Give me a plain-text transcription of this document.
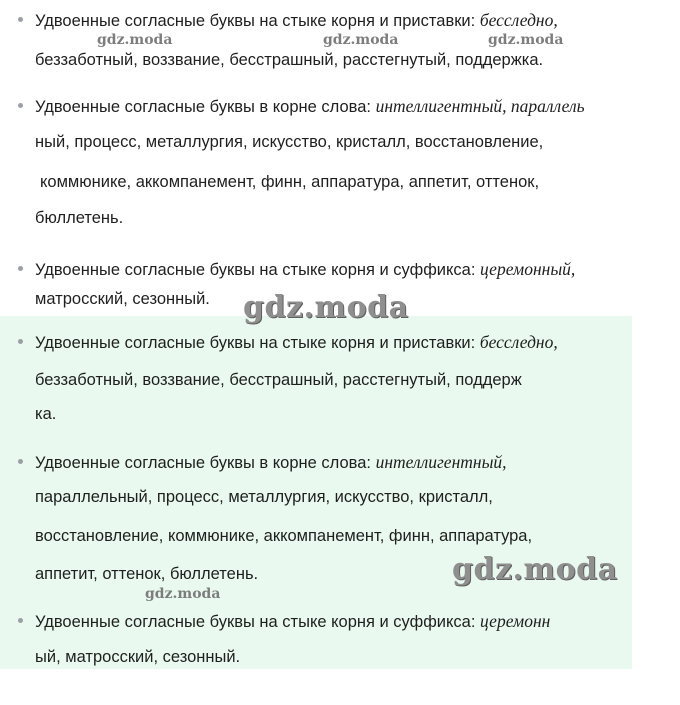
Удвоенные согласные буквы на стыке корня и приставки: бесследно,
беззаботный, воззвание, бесстрашный, расстегнутый, поддержка.
Удвоенные согласные буквы в корне слова: интеллигентный, параллель
ный, процесс, металлургия, искусство, кристалл, восстановление,
коммюнике, аккомпанемент, финн, аппаратура, аппетит, оттенок,
бюллетень.
Удвоенные согласные буквы на стыке корня и суффикса: церемонный,
матросский, сезонный.
Удвоенные согласные буквы на стыке корня и приставки: бесследно,
беззаботный, воззвание, бесстрашный, расстегнутый, поддерж
ка.
Удвоенные согласные буквы в корне слова: интеллигентный,
параллельный, процесс, металлургия, искусство, кристалл,
восстановление, коммюнике, аккомпанемент, финн, аппаратура,
аппетит, оттенок, бюллетень.
Удвоенные согласные буквы на стыке корня и суффикса: церемонн
ый, матросский, сезонный.
gdz.moda	gdz.moda	gdz.moda
gdz.moda
gdz.moda
gdz.moda
